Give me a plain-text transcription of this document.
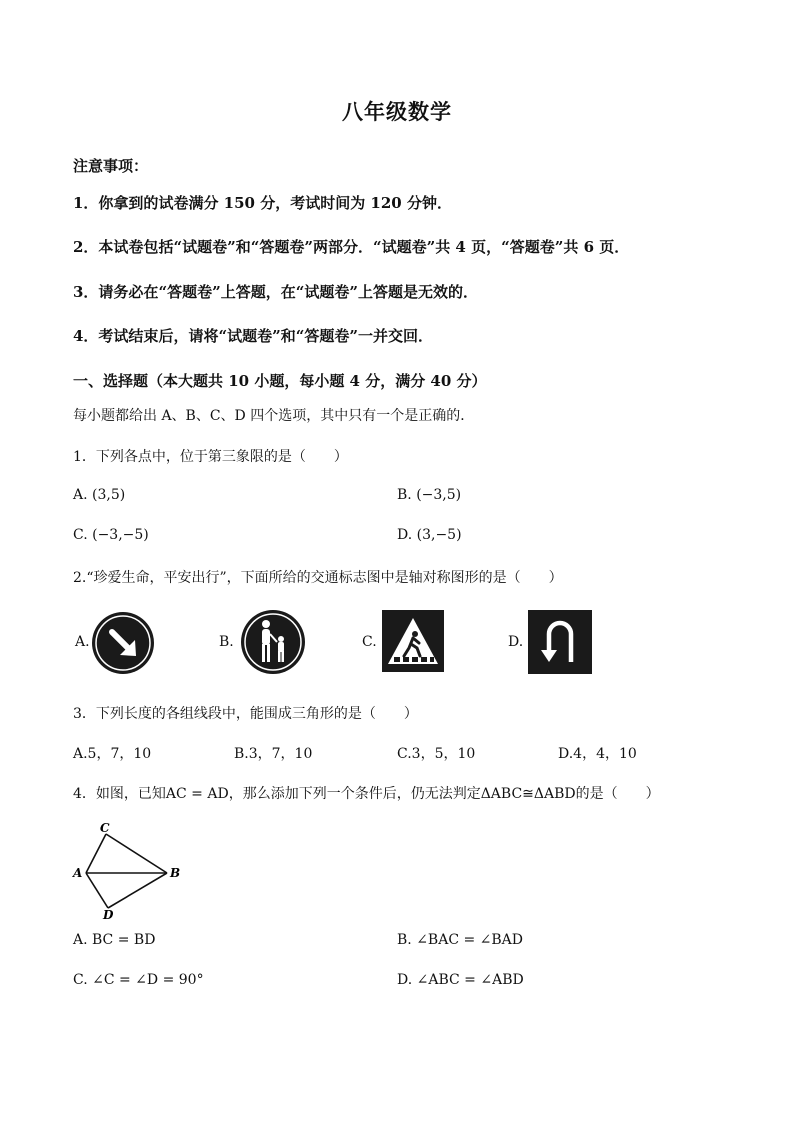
八年级数学
注意事项：
1．你拿到的试卷满分 150 分，考试时间为 120 分钟．
2．本试卷包括“试题卷”和“答题卷”两部分．“试题卷”共 4 页，“答题卷”共 6 页．
3．请务必在“答题卷”上答题，在“试题卷”上答题是无效的．
4．考试结束后，请将“试题卷”和“答题卷”一并交回．
一、选择题（本大题共 10 小题，每小题 4 分，满分 40 分）
每小题都给出 A、B、C、D 四个选项，其中只有一个是正确的．
1．下列各点中，位于第三象限的是（　　）
A. (3,5)	B. (−3,5)
C. (−3,−5)	D. (3,−5)
2.“珍爱生命，平安出行”，下面所给的交通标志图中是轴对称图形的是（　　）
A.	B.	C.	D.
3．下列长度的各组线段中，能围成三角形的是（　　）
A.5，7，10	B.3，7，10	C.3，5，10	D.4，4，10
4．如图，已知AC = AD，那么添加下列一个条件后，仍无法判定ΔABC≅ΔABD的是（　　）
C
A	B
D
A. BC = BD	B. ∠BAC = ∠BAD
C. ∠C = ∠D = 90°	D. ∠ABC = ∠ABD
